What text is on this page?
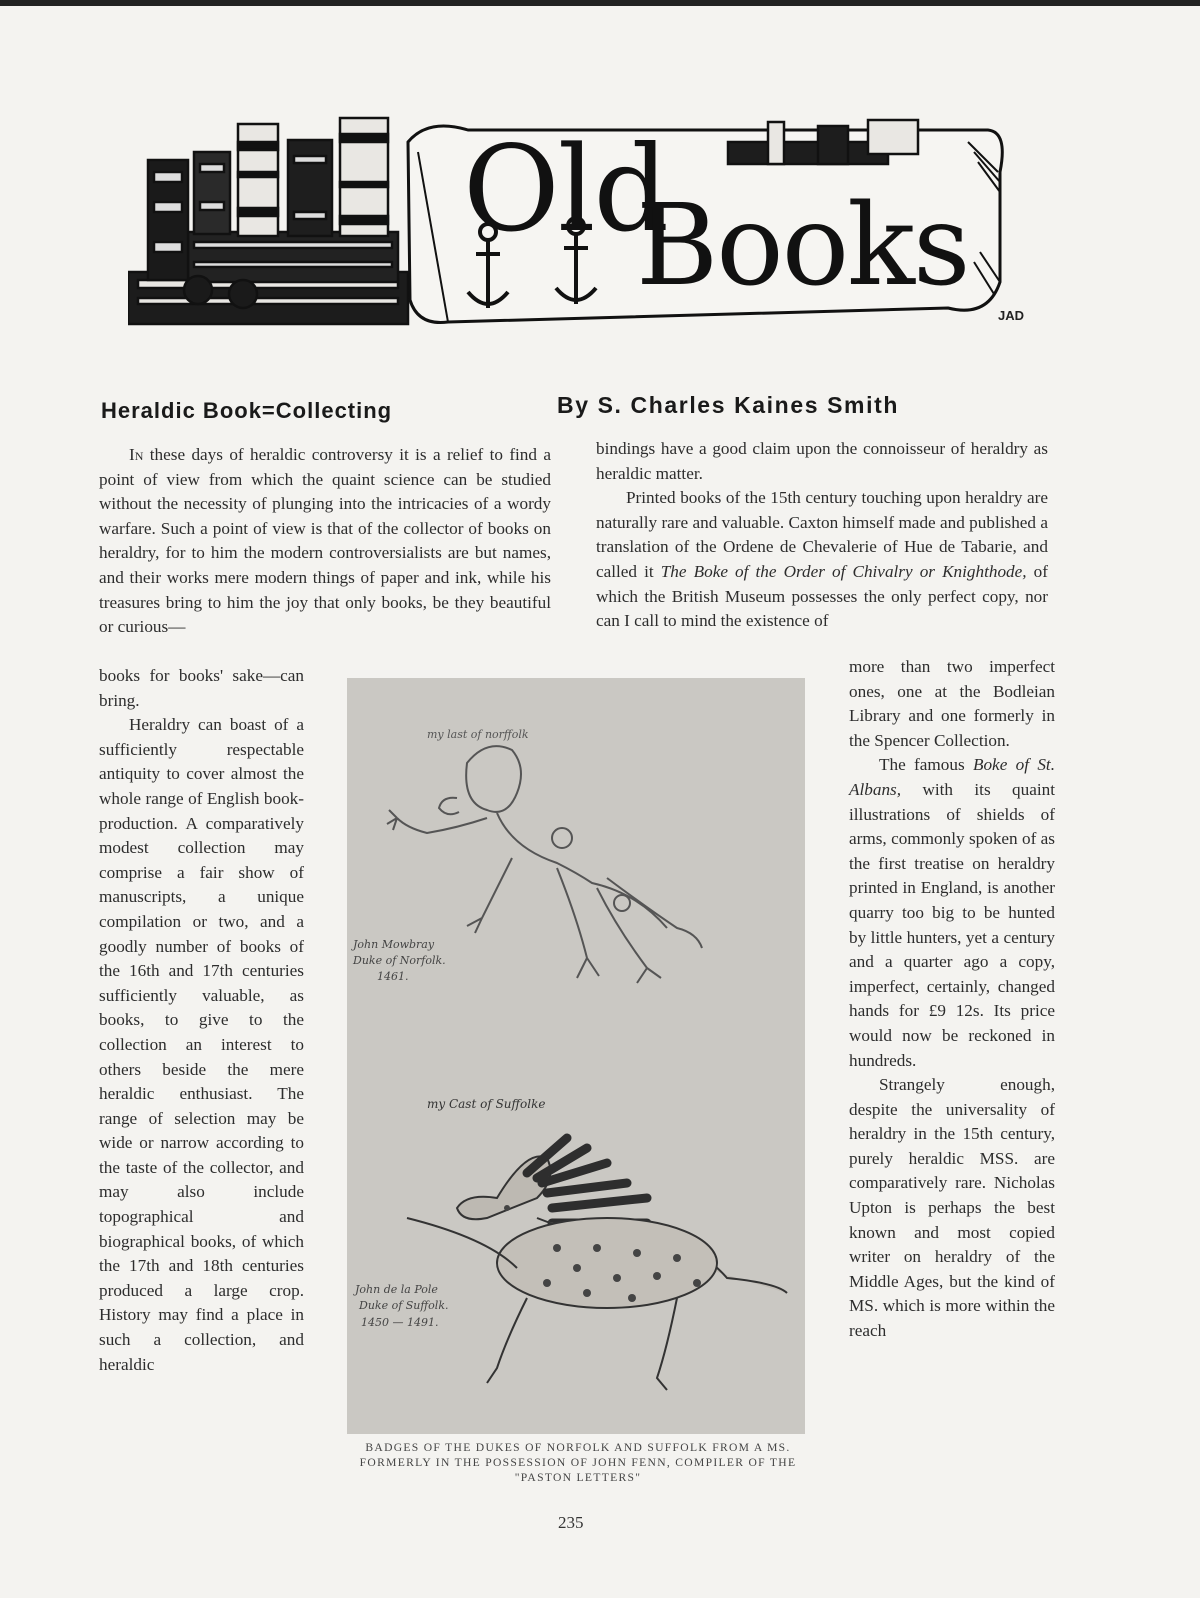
Old
Books
JAD
Heraldic Book=Collecting	By S. Charles Kaines Smith

In these days of heraldic controversy it is a relief to find a point of view from which the quaint science can be studied without the necessity of plunging into the intricacies of a wordy warfare. Such a point of view is that of the collector of books on heraldry, for to him the modern controversialists are but names, and their works mere modern things of paper and ink, while his treasures bring to him the joy that only books, be they beautiful or curious—

books for books' sake—can bring.

Heraldry can boast of a sufficiently respectable antiquity to cover almost the whole range of English book-production. A comparatively modest collection may comprise a fair show of manuscripts, a unique compilation or two, and a goodly number of books of the 16th and 17th centuries sufficiently valuable, as books, to give to the collection an interest to others beside the mere heraldic enthusiast. The range of selection may be wide or narrow according to the taste of the collector, and may also include topographical and biographical books, of which the 17th and 18th centuries produced a large crop. History may find a place in such a collection, and heraldic

bindings have a good claim upon the connoisseur of heraldry as heraldic matter.

Printed books of the 15th century touching upon heraldry are naturally rare and valuable. Caxton himself made and published a translation of the Ordene de Chevalerie of Hue de Tabarie, and called it The Boke of the Order of Chivalry or Knighthode, of which the British Museum possesses the only perfect copy, nor can I call to mind the existence of

more than two imperfect ones, one at the Bodleian Library and one formerly in the Spencer Collection.

The famous Boke of St. Albans, with its quaint illustrations of shields of arms, commonly spoken of as the first treatise on heraldry printed in England, is another quarry too big to be hunted by little hunters, yet a century and a quarter ago a copy, imperfect, certainly, changed hands for £9 12s. Its price would now be reckoned in hundreds.

Strangely enough, despite the universality of heraldry in the 15th century, purely heraldic MSS. are comparatively rare. Nicholas Upton is perhaps the best known and most copied writer on heraldry of the Middle Ages, but the kind of MS. which is more within the reach

my last of norffolk
my Cast of Suffolke
John Mowbray
Duke of Norfolk.
1461.
John de la Pole
Duke of Suffolk.
1450 — 1491.
BADGES OF THE DUKES OF NORFOLK AND SUFFOLK FROM A MS. FORMERLY IN THE POSSESSION OF JOHN FENN, COMPILER OF THE "PASTON LETTERS"
235
